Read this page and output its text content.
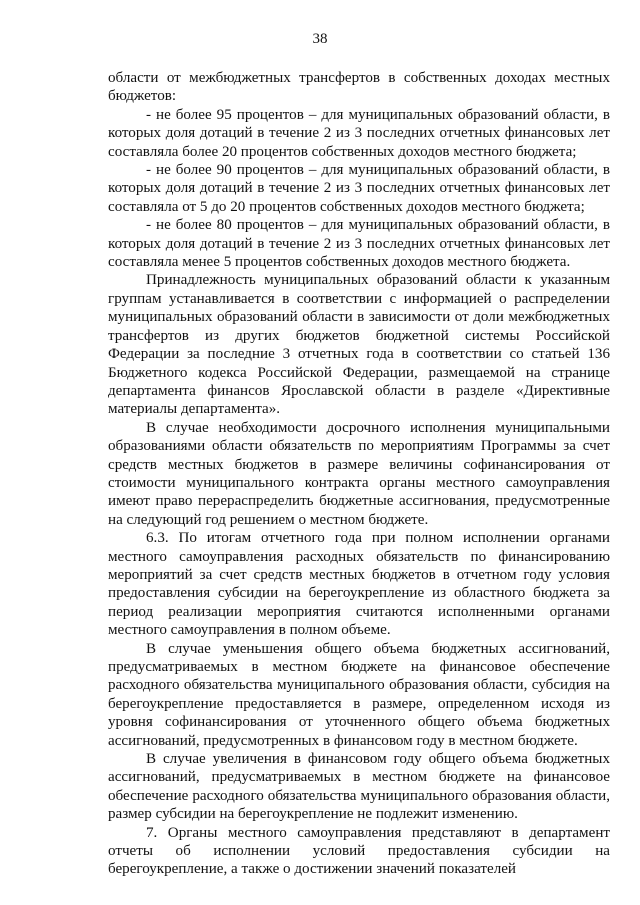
38

области от межбюджетных трансфертов в собственных доходах местных бюджетов:

- не более 95 процентов – для муниципальных образований области, в которых доля дотаций в течение 2 из 3 последних отчетных финансовых лет составляла более 20 процентов собственных доходов местного бюджета;

- не более 90 процентов – для муниципальных образований области, в которых доля дотаций в течение 2 из 3 последних отчетных финансовых лет составляла от 5 до 20 процентов собственных доходов местного бюджета;

- не более 80 процентов – для муниципальных образований области, в которых доля дотаций в течение 2 из 3 последних отчетных финансовых лет составляла менее 5 процентов собственных доходов местного бюджета.

Принадлежность муниципальных образований области к указанным группам устанавливается в соответствии с информацией о распределении муниципальных образований области в зависимости от доли межбюджетных трансфертов из других бюджетов бюджетной системы Российской Федерации за последние 3 отчетных года в соответствии со статьей 136 Бюджетного кодекса Российской Федерации, размещаемой на странице департамента финансов Ярославской области в разделе «Директивные материалы департамента».

В случае необходимости досрочного исполнения муниципальными образованиями области обязательств по мероприятиям Программы за счет средств местных бюджетов в размере величины софинансирования от стоимости муниципального контракта органы местного самоуправления имеют право перераспределить бюджетные ассигнования, предусмотренные на следующий год решением о местном бюджете.

6.3. По итогам отчетного года при полном исполнении органами местного самоуправления расходных обязательств по финансированию мероприятий за счет средств местных бюджетов в отчетном году условия предоставления субсидии на берегоукрепление из областного бюджета за период реализации мероприятия считаются исполненными органами местного самоуправления в полном объеме.

В случае уменьшения общего объема бюджетных ассигнований, предусматриваемых в местном бюджете на финансовое обеспечение расходного обязательства муниципального образования области, субсидия на берегоукрепление предоставляется в размере, определенном исходя из уровня софинансирования от уточненного общего объема бюджетных ассигнований, предусмотренных в финансовом году в местном бюджете.

В случае увеличения в финансовом году общего объема бюджетных ассигнований, предусматриваемых в местном бюджете на финансовое обеспечение расходного обязательства муниципального образования области, размер субсидии на берегоукрепление не подлежит изменению.

7. Органы местного самоуправления представляют в департамент отчеты об исполнении условий предоставления субсидии на берегоукрепление, а также о достижении значений показателей
